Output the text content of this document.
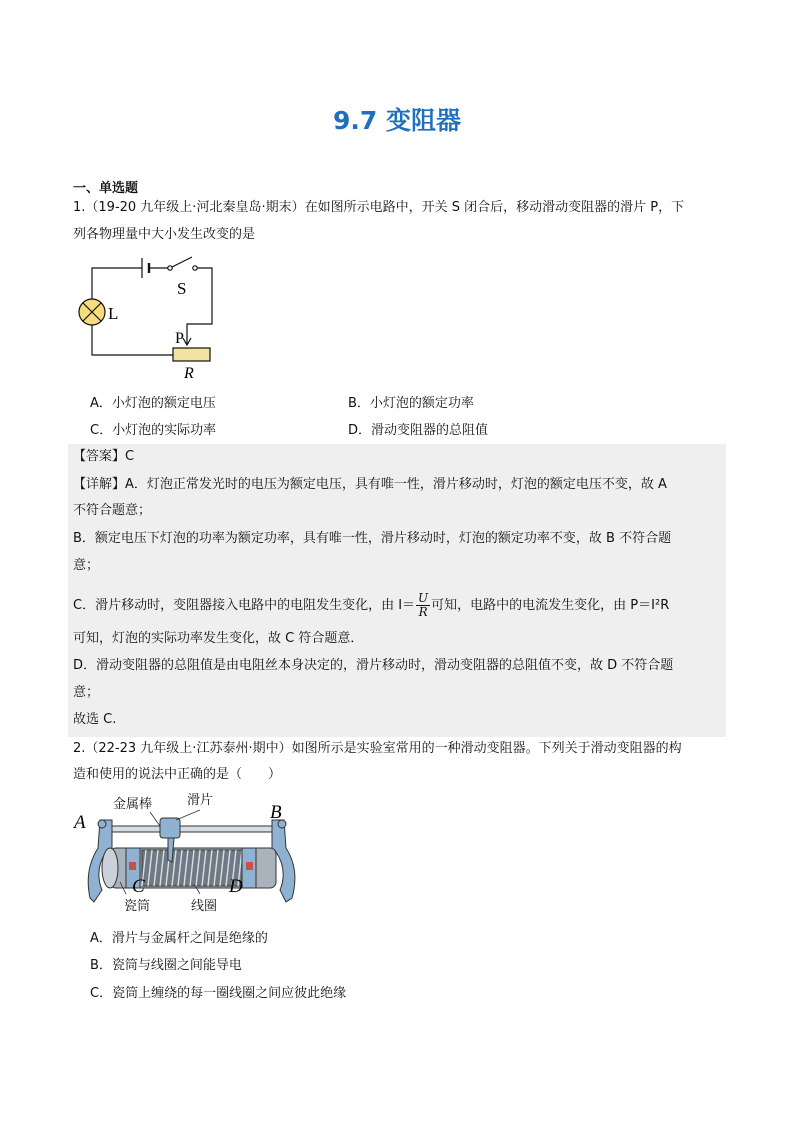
9.7 变阻器
一、单选题
1.（19-20 九年级上·河北秦皇岛·期末）在如图所示电路中，开关 S 闭合后，移动滑动变阻器的滑片 P，下
列各物理量中大小发生改变的是
S
L
P
R
A．小灯泡的额定电压	B．小灯泡的额定功率
C．小灯泡的实际功率	D．滑动变阻器的总阻值
【答案】C
【详解】A．灯泡正常发光时的电压为额定电压，具有唯一性，滑片移动时，灯泡的额定电压不变，故 A
不符合题意；
B．额定电压下灯泡的功率为额定功率，具有唯一性，滑片移动时，灯泡的额定功率不变，故 B 不符合题
意；
C．滑片移动时，变阻器接入电路中的电阻发生变化，由 $I= \frac{U}{R}$ 可知，电路中的电流发生变化，由 P＝I²R
可知，灯泡的实际功率发生变化，故 C 符合题意．
D．滑动变阻器的总阻值是由电阻丝本身决定的，滑片移动时，滑动变阻器的总阻值不变，故 D 不符合题
意；
故选 C.
2.（22-23 九年级上·江苏泰州·期中）如图所示是实验室常用的一种滑动变阻器。下列关于滑动变阻器的构
造和使用的说法中正确的是（　　）
A	B
C	D
金属棒	滑片
瓷筒	线圈
A．滑片与金属杆之间是绝缘的
B．瓷筒与线圈之间能导电
C．瓷筒上缠绕的每一圈线圈之间应彼此绝缘
